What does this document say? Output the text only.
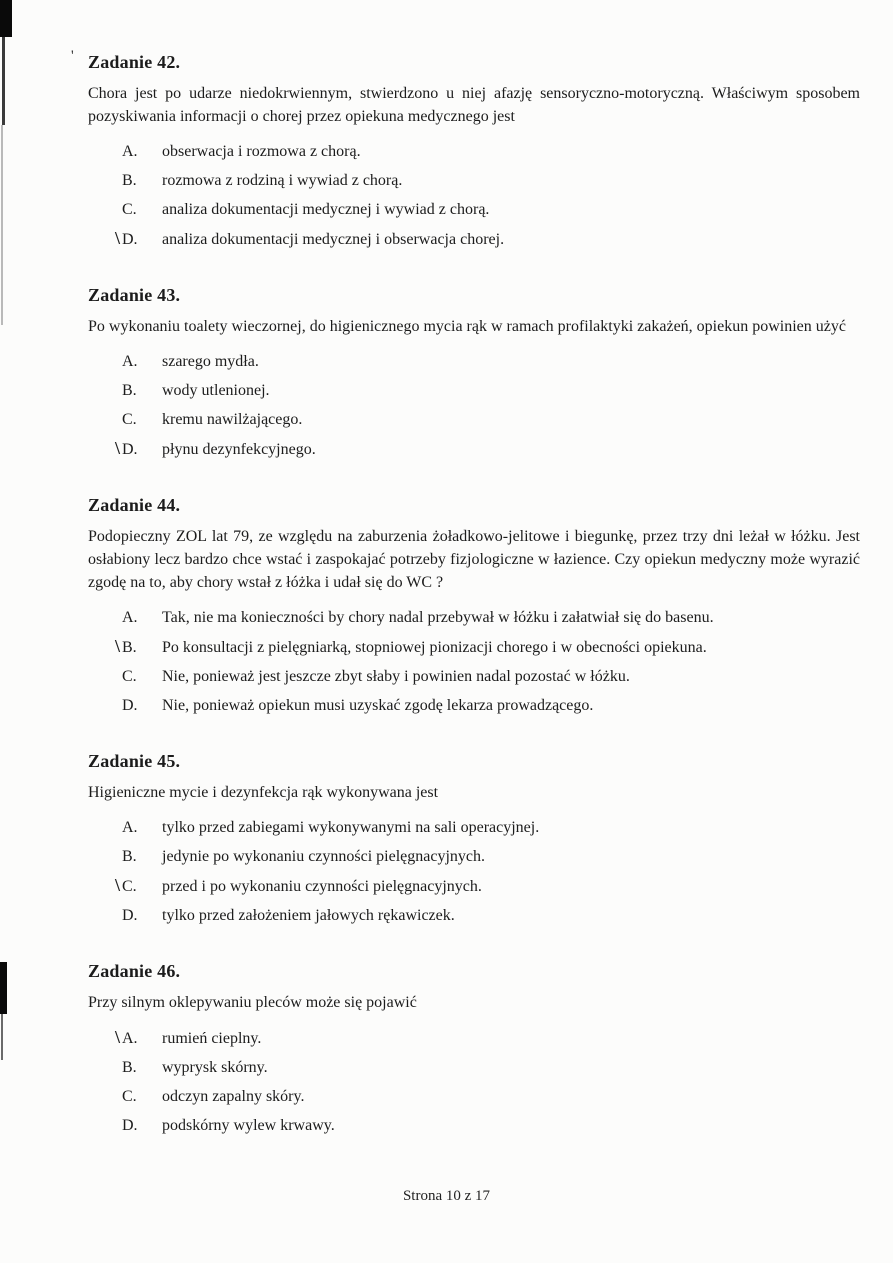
' Zadanie 42.

Chora jest po udarze niedokrwiennym, stwierdzono u niej afazję sensoryczno-motoryczną. Właściwym sposobem pozyskiwania informacji o chorej przez opiekuna medycznego jest

A.	obserwacja i rozmowa z chorą.
B.	rozmowa z rodziną i wywiad z chorą.
C.	analiza dokumentacji medycznej i wywiad z chorą.
\ D.	analiza dokumentacji medycznej i obserwacja chorej.
Zadanie 43.

Po wykonaniu toalety wieczornej, do higienicznego mycia rąk w ramach profilaktyki zakażeń, opiekun powinien użyć

A.	szarego mydła.
B.	wody utlenionej.
C.	kremu nawilżającego.
\ D.	płynu dezynfekcyjnego.
Zadanie 44.

Podopieczny ZOL lat 79, ze względu na zaburzenia żoładkowo-jelitowe i biegunkę, przez trzy dni leżał w łóżku. Jest osłabiony lecz bardzo chce wstać i zaspokajać potrzeby fizjologiczne w łazience. Czy opiekun medyczny może wyrazić zgodę na to, aby chory wstał z łóżka i udał się do WC ?

A.	Tak, nie ma konieczności by chory nadal przebywał w łóżku i załatwiał się do basenu.
\ B.	Po konsultacji z pielęgniarką, stopniowej pionizacji chorego i w obecności opiekuna.
C.	Nie, ponieważ jest jeszcze zbyt słaby i powinien nadal pozostać w łóżku.
D.	Nie, ponieważ opiekun musi uzyskać zgodę lekarza prowadzącego.
Zadanie 45.

Higieniczne mycie i dezynfekcja rąk wykonywana jest

A.	tylko przed zabiegami wykonywanymi na sali operacyjnej.
B.	jedynie po wykonaniu czynności pielęgnacyjnych.
\ C.	przed i po wykonaniu czynności pielęgnacyjnych.
D.	tylko przed założeniem jałowych rękawiczek.
Zadanie 46.

Przy silnym oklepywaniu pleców może się pojawić

\ A.	rumień cieplny.
B.	wyprysk skórny.
C.	odczyn zapalny skóry.
D.	podskórny wylew krwawy.
Strona 10 z 17
